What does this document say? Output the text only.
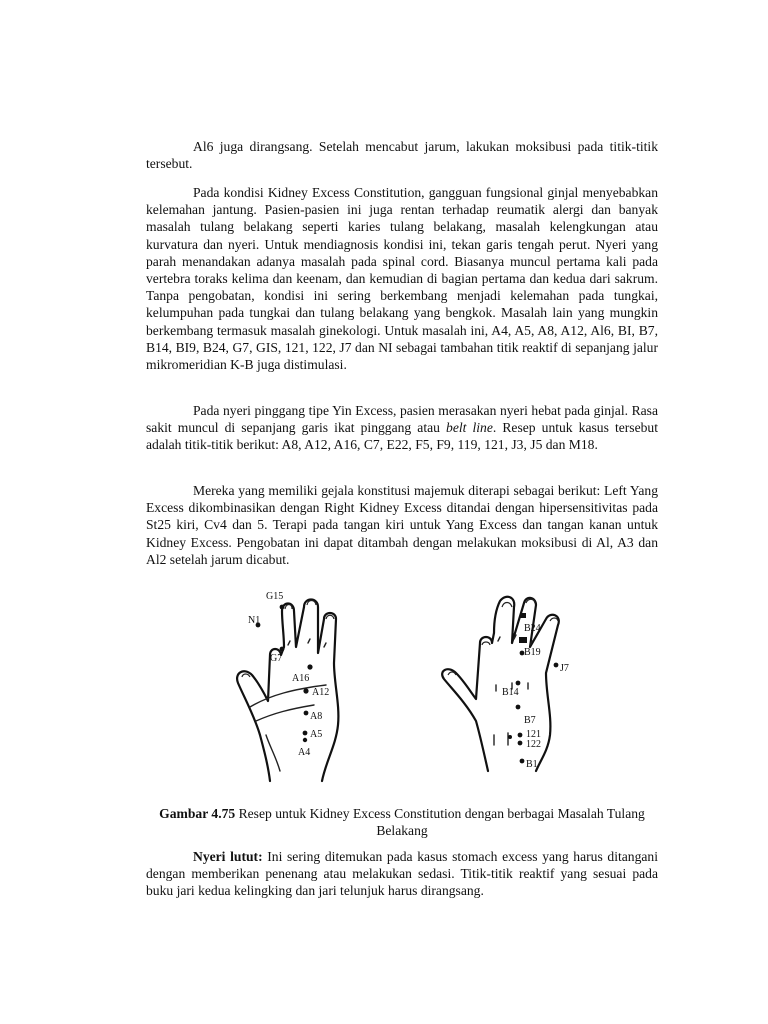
Al6 juga dirangsang. Setelah mencabut jarum, lakukan moksibusi pada titik-titik tersebut.

Pada kondisi Kidney Excess Constitution, gangguan fungsional ginjal menyebabkan kelemahan jantung. Pasien-pasien ini juga rentan terhadap reumatik alergi dan banyak masalah tulang belakang seperti karies tulang belakang, masalah kelengkungan atau kurvatura dan nyeri. Untuk mendiagnosis kondisi ini, tekan garis tengah perut. Nyeri yang parah menandakan adanya masalah pada spinal cord. Biasanya muncul pertama kali pada vertebra toraks kelima dan keenam, dan kemudian di bagian pertama dan kedua dari sakrum. Tanpa pengobatan, kondisi ini sering berkembang menjadi kelemahan pada tungkai, kelumpuhan pada tungkai dan tulang belakang yang bengkok. Masalah lain yang mungkin berkembang termasuk masalah ginekologi. Untuk masalah ini, A4, A5, A8, A12, Al6, BI, B7, B14, BI9, B24, G7, GIS, 121, 122, J7 dan NI sebagai tambahan titik reaktif di sepanjang jalur mikromeridian K-B juga distimulasi.

Pada nyeri pinggang tipe Yin Excess, pasien merasakan nyeri hebat pada ginjal. Rasa sakit muncul di sepanjang garis ikat pinggang atau belt line. Resep untuk kasus tersebut adalah titik-titik berikut: A8, A12, A16, C7, E22, F5, F9, 119, 121, J3, J5 dan M18.

Mereka yang memiliki gejala konstitusi majemuk diterapi sebagai berikut: Left Yang Excess dikombinasikan dengan Right Kidney Excess ditandai dengan hipersensitivitas pada St25 kiri, Cv4 dan 5. Terapi pada tangan kiri untuk Yang Excess dan tangan kanan untuk Kidney Excess. Pengobatan ini dapat ditambah dengan melakukan moksibusi di Al, A3 dan Al2 setelah jarum dicabut.

G15
N1
G7
A16
A12
A8
A5
A4
B24
B19
J7
B14
B7
121
122
B1
Gambar 4.75 Resep untuk Kidney Excess Constitution dengan berbagai Masalah Tulang Belakang

Nyeri lutut: Ini sering ditemukan pada kasus stomach excess yang harus ditangani dengan memberikan penenang atau melakukan sedasi. Titik-titik reaktif yang sesuai pada buku jari kedua kelingking dan jari telunjuk harus dirangsang.
